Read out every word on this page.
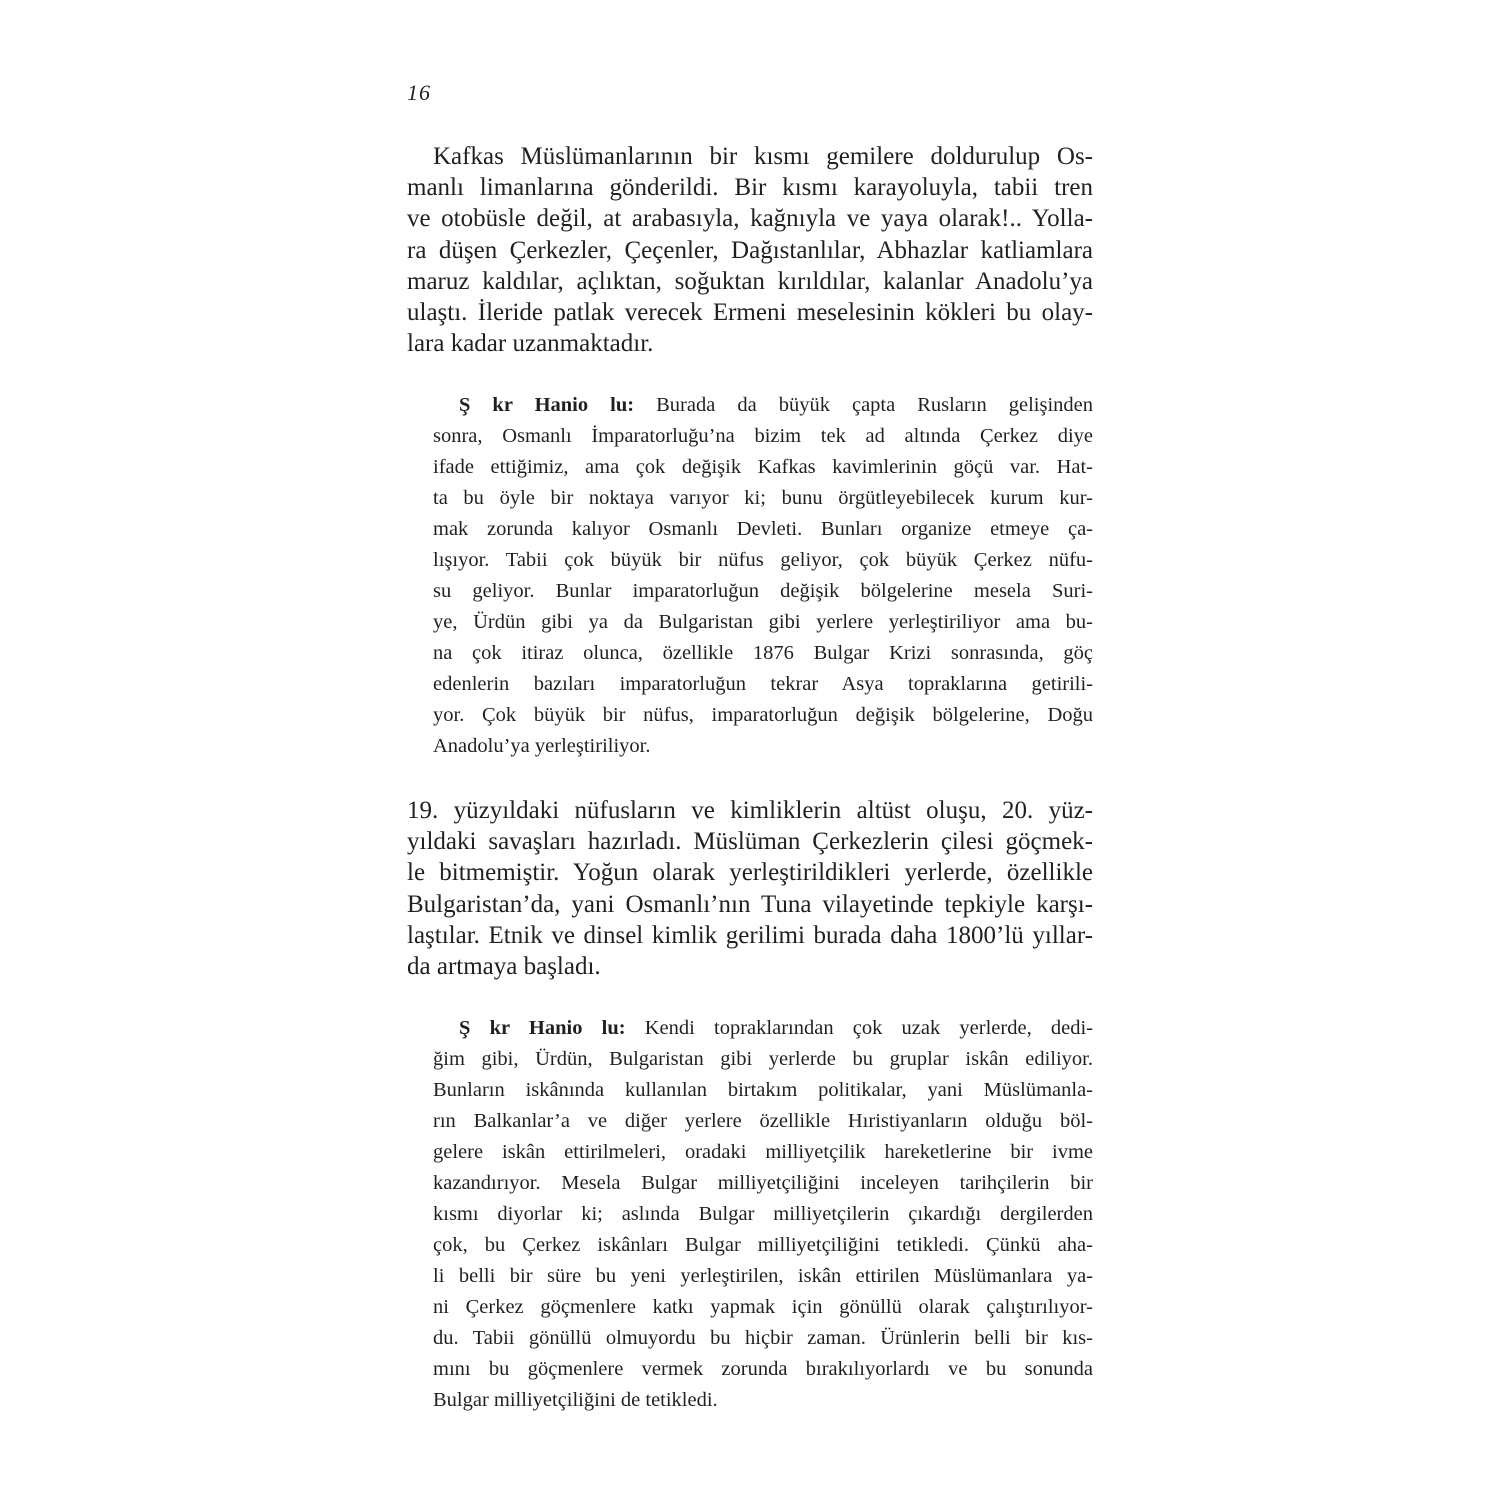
16
Kafkas Müslümanlarının bir kısmı gemilere doldurulup Os-
manlı limanlarına gönderildi. Bir kısmı karayoluyla, tabii tren
ve otobüsle değil, at arabasıyla, kağnıyla ve yaya olarak!.. Yolla-
ra düşen Çerkezler, Çeçenler, Dağıstanlılar, Abhazlar katliamlara
maruz kaldılar, açlıktan, soğuktan kırıldılar, kalanlar Anadolu’ya
ulaştı. İleride patlak verecek Ermeni meselesinin kökleri bu olay-
lara kadar uzanmaktadır.
Ş kr Hanio lu: Burada da büyük çapta Rusların gelişinden
sonra, Osmanlı İmparatorluğu’na bizim tek ad altında Çerkez diye
ifade ettiğimiz, ama çok değişik Kafkas kavimlerinin göçü var. Hat-
ta bu öyle bir noktaya varıyor ki; bunu örgütleyebilecek kurum kur-
mak zorunda kalıyor Osmanlı Devleti. Bunları organize etmeye ça-
lışıyor. Tabii çok büyük bir nüfus geliyor, çok büyük Çerkez nüfu-
su geliyor. Bunlar imparatorluğun değişik bölgelerine mesela Suri-
ye, Ürdün gibi ya da Bulgaristan gibi yerlere yerleştiriliyor ama bu-
na çok itiraz olunca, özellikle 1876 Bulgar Krizi sonrasında, göç
edenlerin bazıları imparatorluğun tekrar Asya topraklarına getirili-
yor. Çok büyük bir nüfus, imparatorluğun değişik bölgelerine, Doğu
Anadolu’ya yerleştiriliyor.
19. yüzyıldaki nüfusların ve kimliklerin altüst oluşu, 20. yüz-
yıldaki savaşları hazırladı. Müslüman Çerkezlerin çilesi göçmek-
le bitmemiştir. Yoğun olarak yerleştirildikleri yerlerde, özellikle
Bulgaristan’da, yani Osmanlı’nın Tuna vilayetinde tepkiyle karşı-
laştılar. Etnik ve dinsel kimlik gerilimi burada daha 1800’lü yıllar-
da artmaya başladı.
Ş kr Hanio lu: Kendi topraklarından çok uzak yerlerde, dedi-
ğim gibi, Ürdün, Bulgaristan gibi yerlerde bu gruplar iskân ediliyor.
Bunların iskânında kullanılan birtakım politikalar, yani Müslümanla-
rın Balkanlar’a ve diğer yerlere özellikle Hıristiyanların olduğu böl-
gelere iskân ettirilmeleri, oradaki milliyetçilik hareketlerine bir ivme
kazandırıyor. Mesela Bulgar milliyetçiliğini inceleyen tarihçilerin bir
kısmı diyorlar ki; aslında Bulgar milliyetçilerin çıkardığı dergilerden
çok, bu Çerkez iskânları Bulgar milliyetçiliğini tetikledi. Çünkü aha-
li belli bir süre bu yeni yerleştirilen, iskân ettirilen Müslümanlara ya-
ni Çerkez göçmenlere katkı yapmak için gönüllü olarak çalıştırılıyor-
du. Tabii gönüllü olmuyordu bu hiçbir zaman. Ürünlerin belli bir kıs-
mını bu göçmenlere vermek zorunda bırakılıyorlardı ve bu sonunda
Bulgar milliyetçiliğini de tetikledi.
